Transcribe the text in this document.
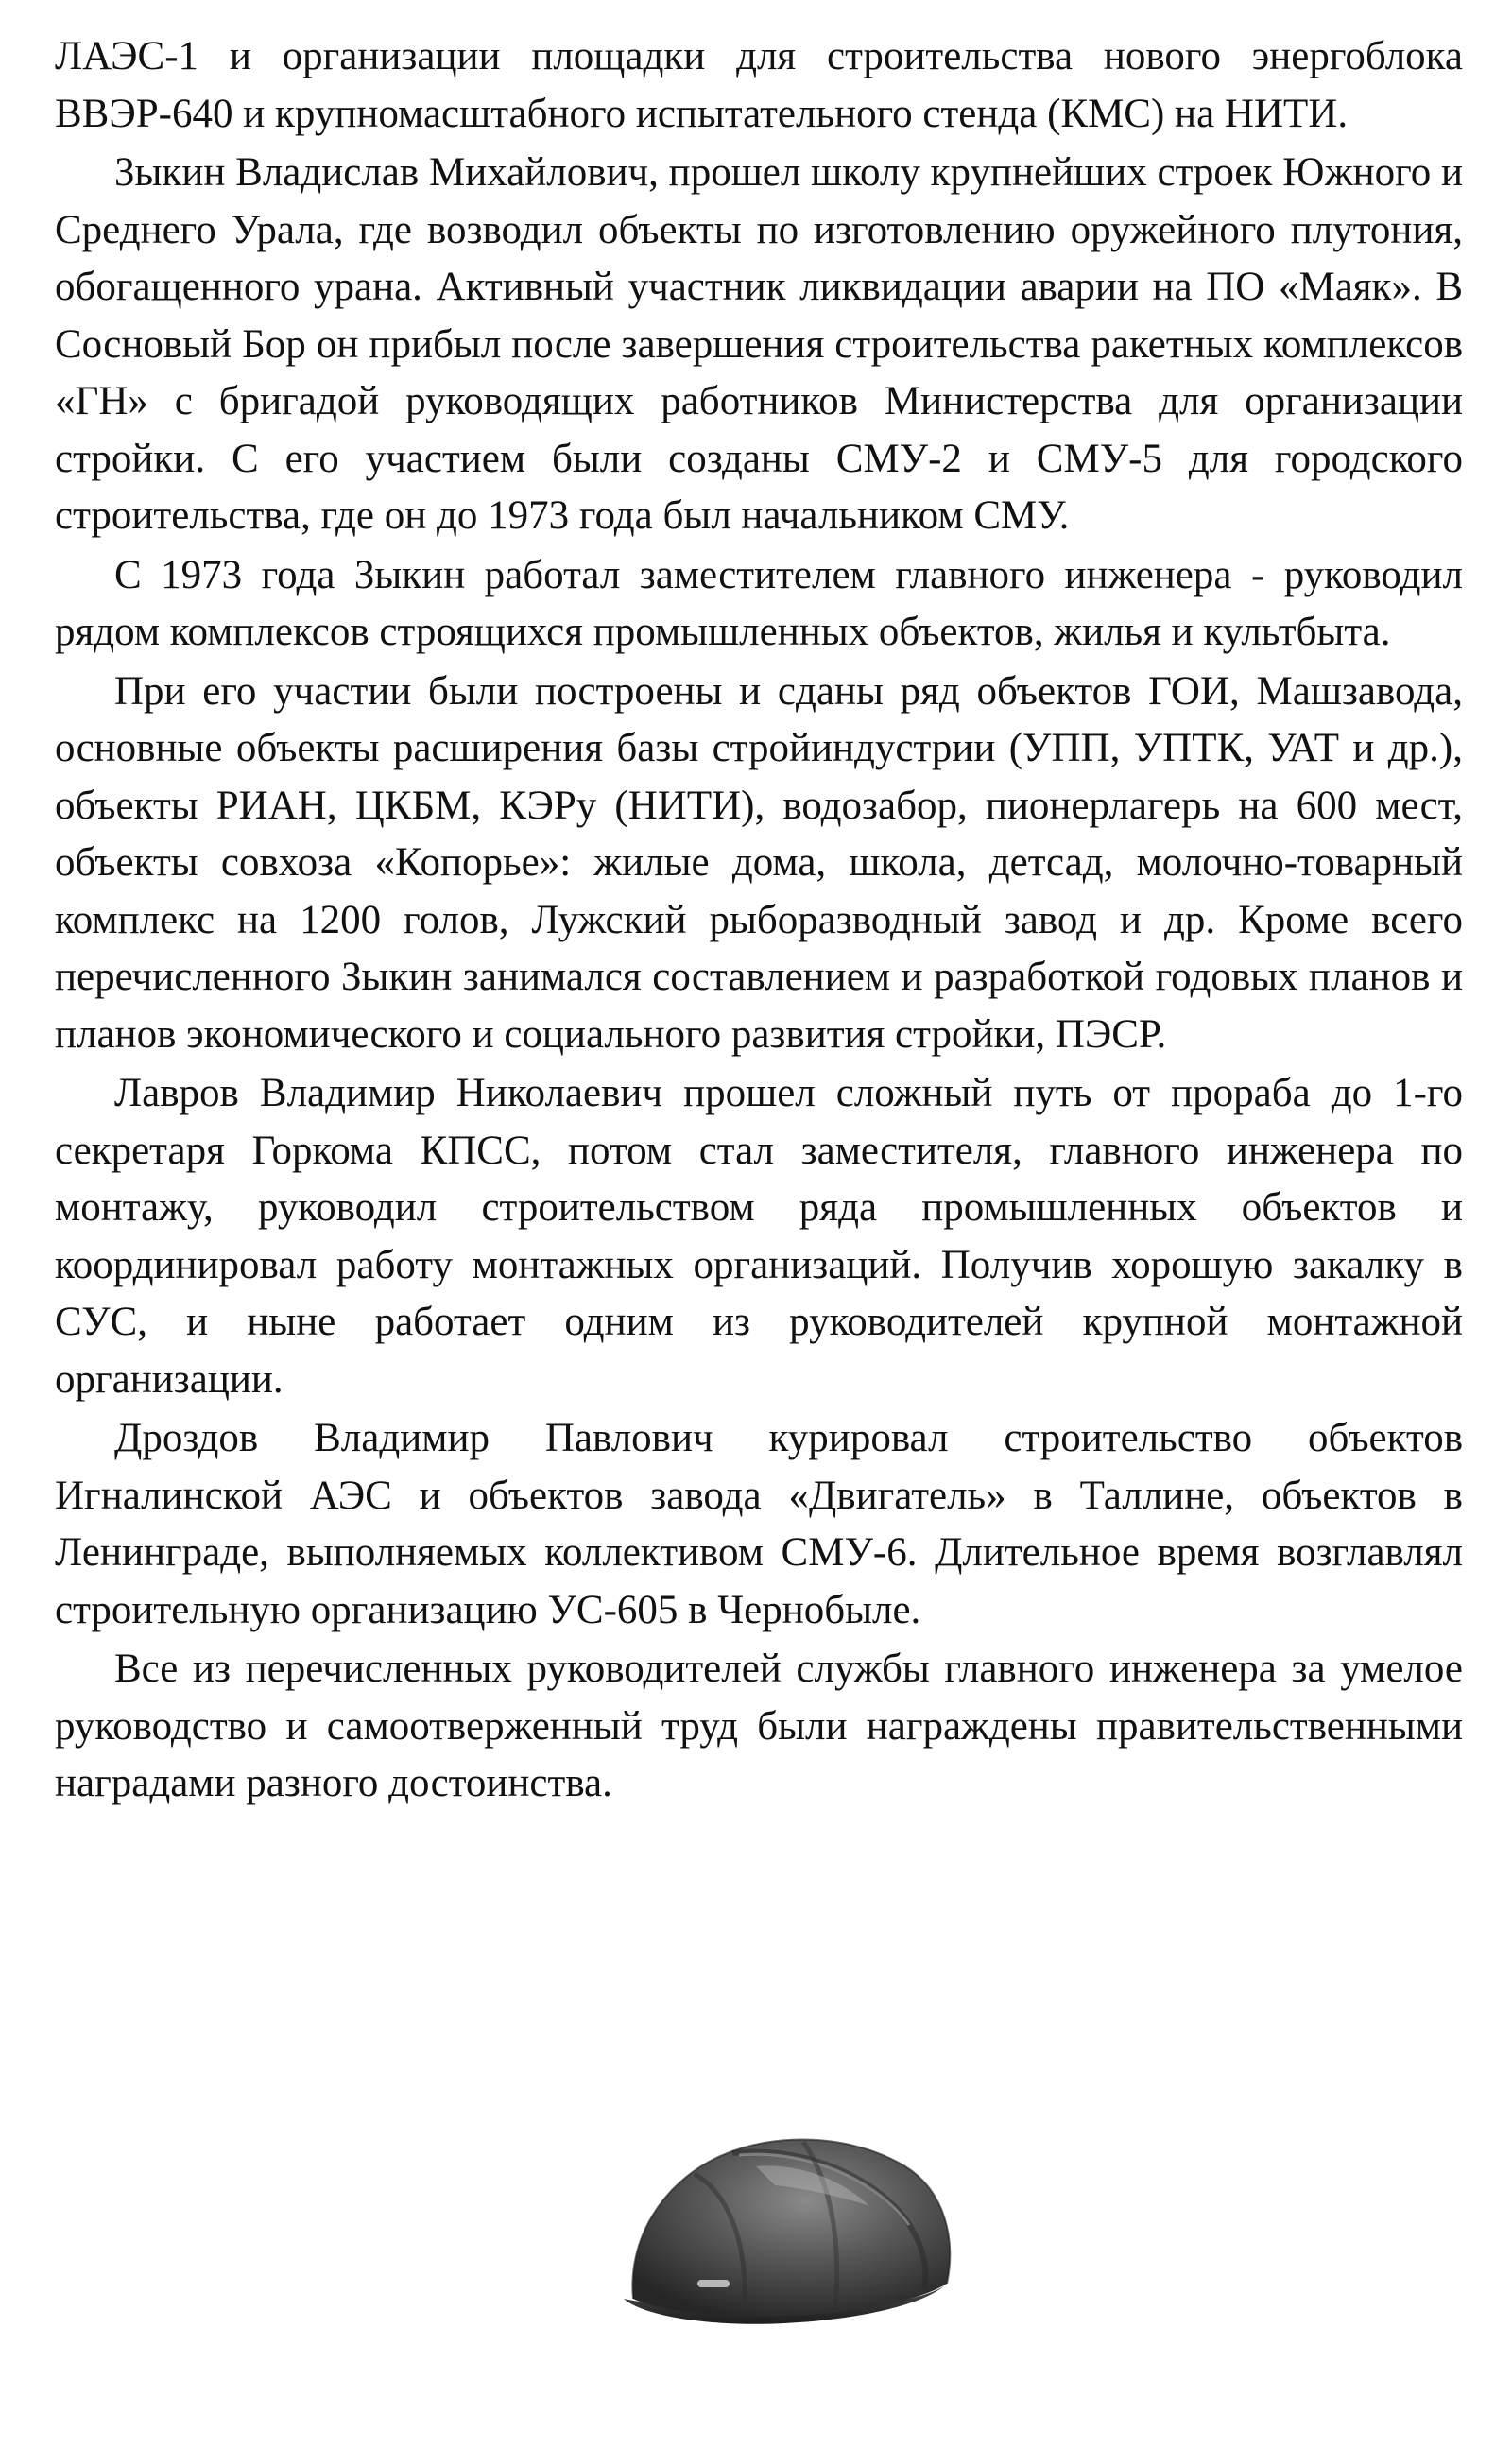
ЛАЭС-1 и организации площадки для строительства нового энергоблока ВВЭР-640 и крупномасштабного испытательного стенда (КМС) на НИТИ.

Зыкин Владислав Михайлович, прошел школу крупнейших строек Южного и Среднего Урала, где возводил объекты по изготовлению оружейного плутония, обогащенного урана. Активный участник ликвидации аварии на ПО «Маяк». В Сосновый Бор он прибыл после завершения строительства ракетных комплексов «ГН» с бригадой руководящих работников Министерства для организации стройки. С его участием были созданы СМУ-2 и СМУ-5 для городского строительства, где он до 1973 года был начальником СМУ.

С 1973 года Зыкин работал заместителем главного инженера - руководил рядом комплексов строящихся промышленных объектов, жилья и культбыта.

При его участии были построены и сданы ряд объектов ГОИ, Машзавода, основные объекты расширения базы стройиндустрии (УПП, УПТК, УАТ и др.), объекты РИАН, ЦКБМ, КЭРу (НИТИ), водозабор, пионерлагерь на 600 мест, объекты совхоза «Копорье»: жилые дома, школа, детсад, молочно-товарный комплекс на 1200 голов, Лужский рыборазводный завод и др. Кроме всего перечисленного Зыкин занимался составлением и разработкой годовых планов и планов экономического и социального развития стройки, ПЭСР.

Лавров Владимир Николаевич прошел сложный путь от прораба до 1-го секретаря Горкома КПСС, потом стал заместителя, главного инженера по монтажу, руководил строительством ряда промышленных объектов и координировал работу монтажных организаций. Получив хорошую закалку в СУС, и ныне работает одним из руководителей крупной монтажной организации.

Дроздов Владимир Павлович курировал строительство объектов Игналинской АЭС и объектов завода «Двигатель» в Таллине, объектов в Ленинграде, выполняемых коллективом СМУ-6. Длительное время возглавлял строительную организацию УС-605 в Чернобыле.

Все из перечисленных руководителей службы главного инженера за умелое руководство и самоотверженный труд были награждены правительственными наградами разного достоинства.
